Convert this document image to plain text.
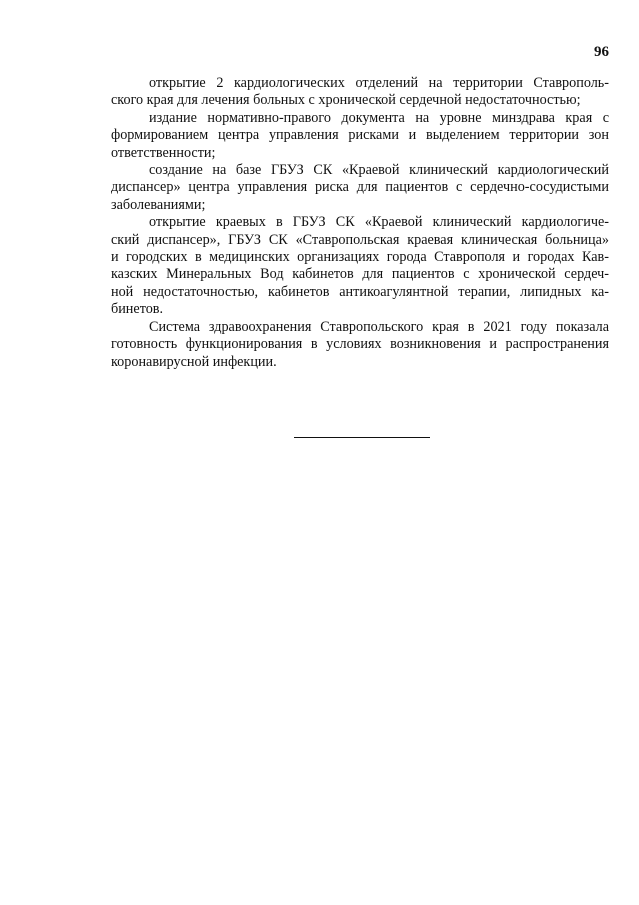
96

открытие 2 кардиологических отделений на территории Ставрополь-
ского края для лечения больных с хронической сердечной недостаточностью;

издание нормативно-правого документа на уровне минздрава края с
формированием центра управления рисками и выделением территории зон
ответственности;

создание на базе ГБУЗ СК «Краевой клинический кардиологический
диспансер» центра управления риска для пациентов с сердечно-сосудистыми
заболеваниями;

открытие краевых в ГБУЗ СК «Краевой клинический кардиологиче-
ский диспансер», ГБУЗ СК «Ставропольская краевая клиническая больница»
и городских в медицинских организациях города Ставрополя и городах Кав-
казских Минеральных Вод кабинетов для пациентов с хронической сердеч-
ной недостаточностью, кабинетов антикоагулянтной терапии, липидных ка-
бинетов.

Система здравоохранения Ставропольского края в 2021 году показала
готовность функционирования в условиях возникновения и распространения
коронавирусной инфекции.
